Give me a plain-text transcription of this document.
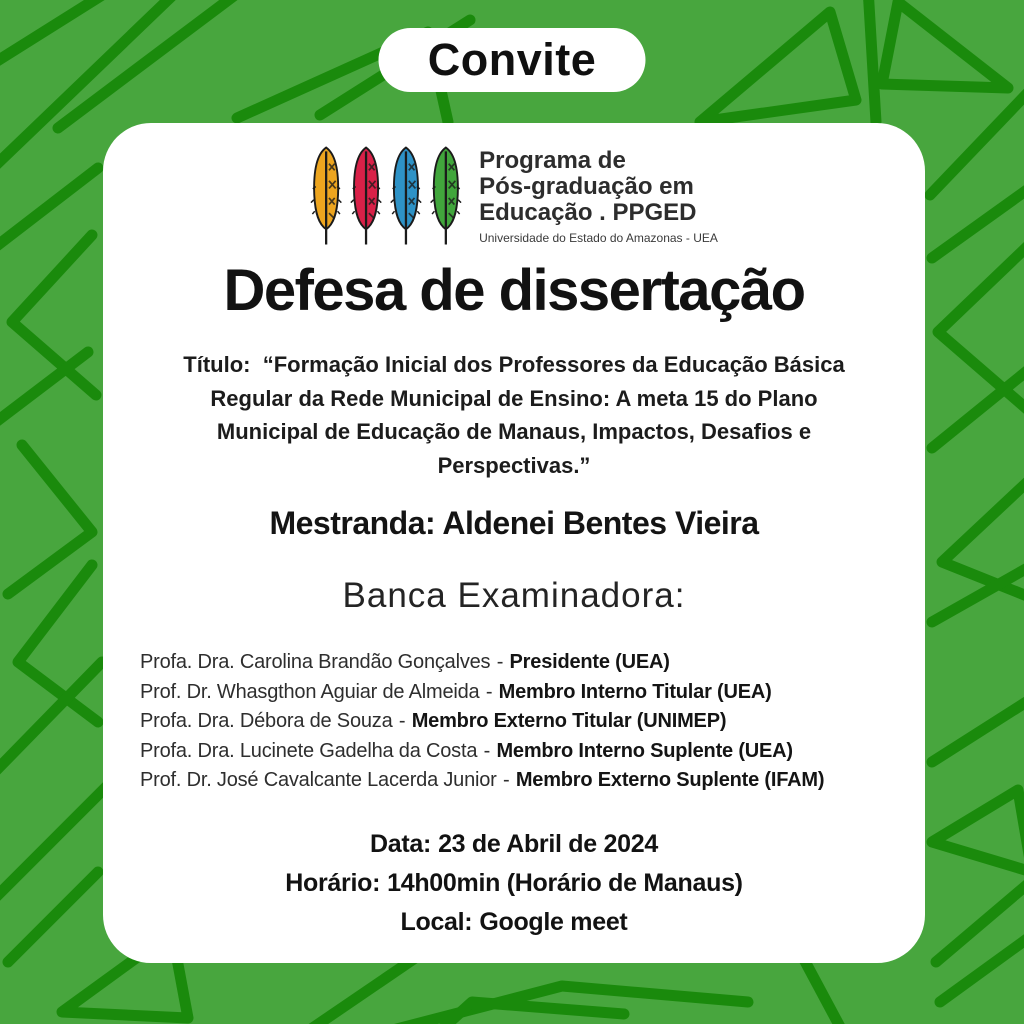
Convite
Programa de
Pós-graduação em
Educação . PPGED
Universidade do Estado do Amazonas - UEA
Defesa de dissertação
Título:  “Formação Inicial dos Professores da Educação Básica
Regular da Rede Municipal de Ensino: A meta 15 do Plano
Municipal de Educação de Manaus, Impactos, Desafios e
Perspectivas.”
Mestranda: Aldenei Bentes Vieira
Banca Examinadora:
Profa. Dra. Carolina Brandão Gonçalves - Presidente (UEA)
Prof. Dr. Whasgthon Aguiar de Almeida - Membro Interno Titular (UEA)
Profa. Dra. Débora de Souza - Membro Externo Titular (UNIMEP)
Profa. Dra. Lucinete Gadelha da Costa - Membro Interno Suplente (UEA)
Prof. Dr. José Cavalcante Lacerda Junior - Membro Externo Suplente (IFAM)
Data: 23 de Abril de 2024
Horário: 14h00min (Horário de Manaus)
Local: Google meet
